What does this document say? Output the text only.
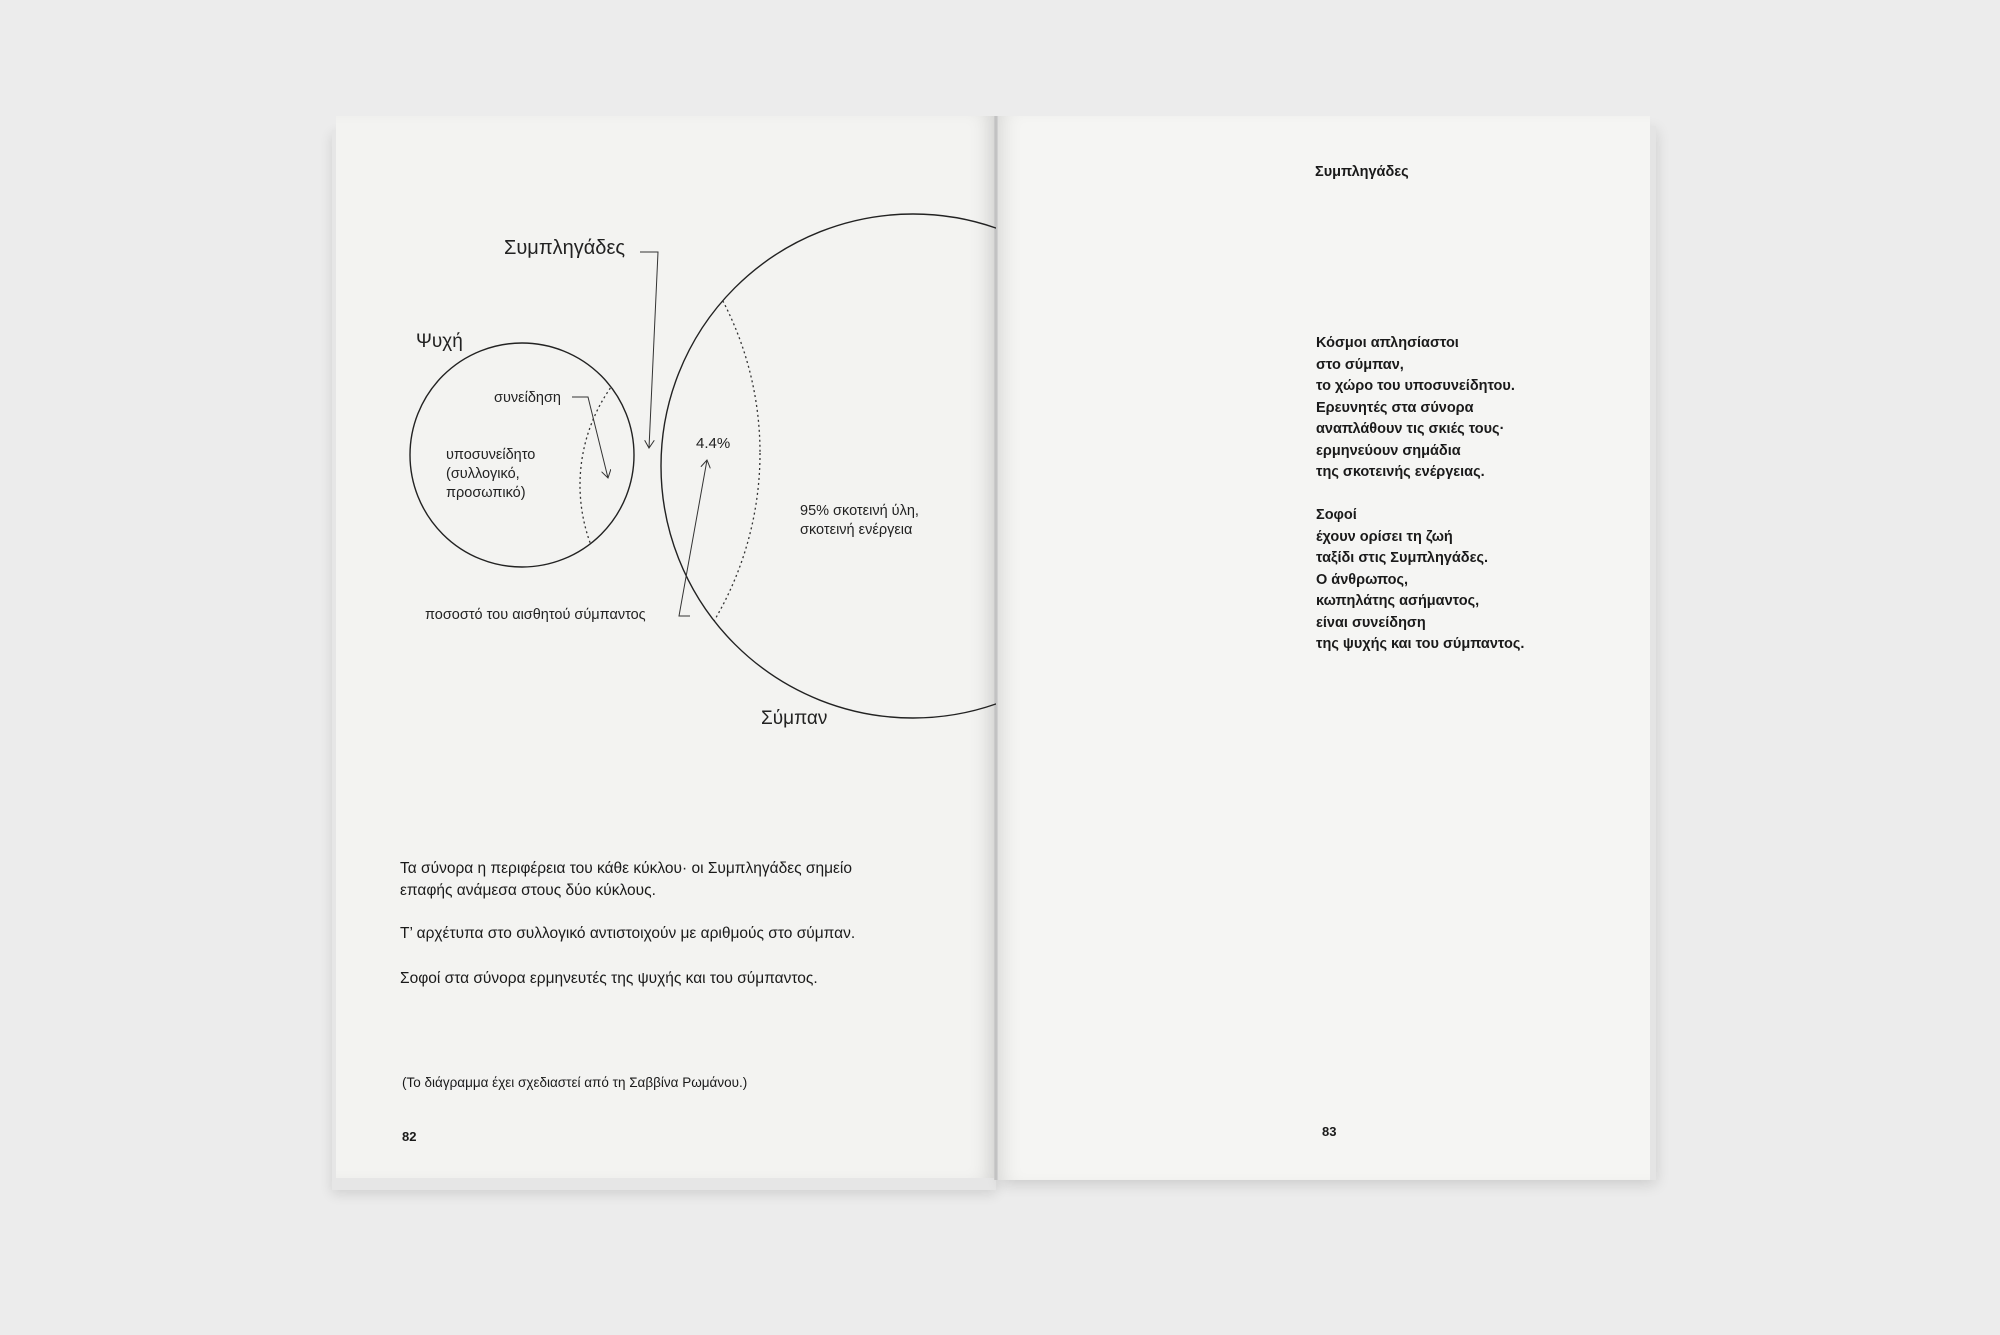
Συμπληγάδες
Ψυχή
συνείδηση
υποσυνείδητο
(συλλογικό,
προσωπικό)
4.4%
95% σκοτεινή ύλη,
σκοτεινή ενέργεια
ποσοστό του αισθητού σύμπαντος
Σύμπαν
Τα σύνορα η περιφέρεια του κάθε κύκλου· οι Συμπληγάδες σημείο
επαφής ανάμεσα στους δύο κύκλους.
Τ’ αρχέτυπα στο συλλογικό αντιστοιχούν με αριθμούς στο σύμπαν.
Σοφοί στα σύνορα ερμηνευτές της ψυχής και του σύμπαντος.
(Το διάγραμμα έχει σχεδιαστεί από τη Σαββίνα Ρωμάνου.)
82
Συμπληγάδες
Κόσμοι απλησίαστοι
στο σύμπαν,
το χώρο του υποσυνείδητου.
Ερευνητές στα σύνορα
αναπλάθουν τις σκιές τους·
ερμηνεύουν σημάδια
της σκοτεινής ενέργειας.
Σοφοί
έχουν ορίσει τη ζωή
ταξίδι στις Συμπληγάδες.
Ο άνθρωπος,
κωπηλάτης ασήμαντος,
είναι συνείδηση
της ψυχής και του σύμπαντος.
83
